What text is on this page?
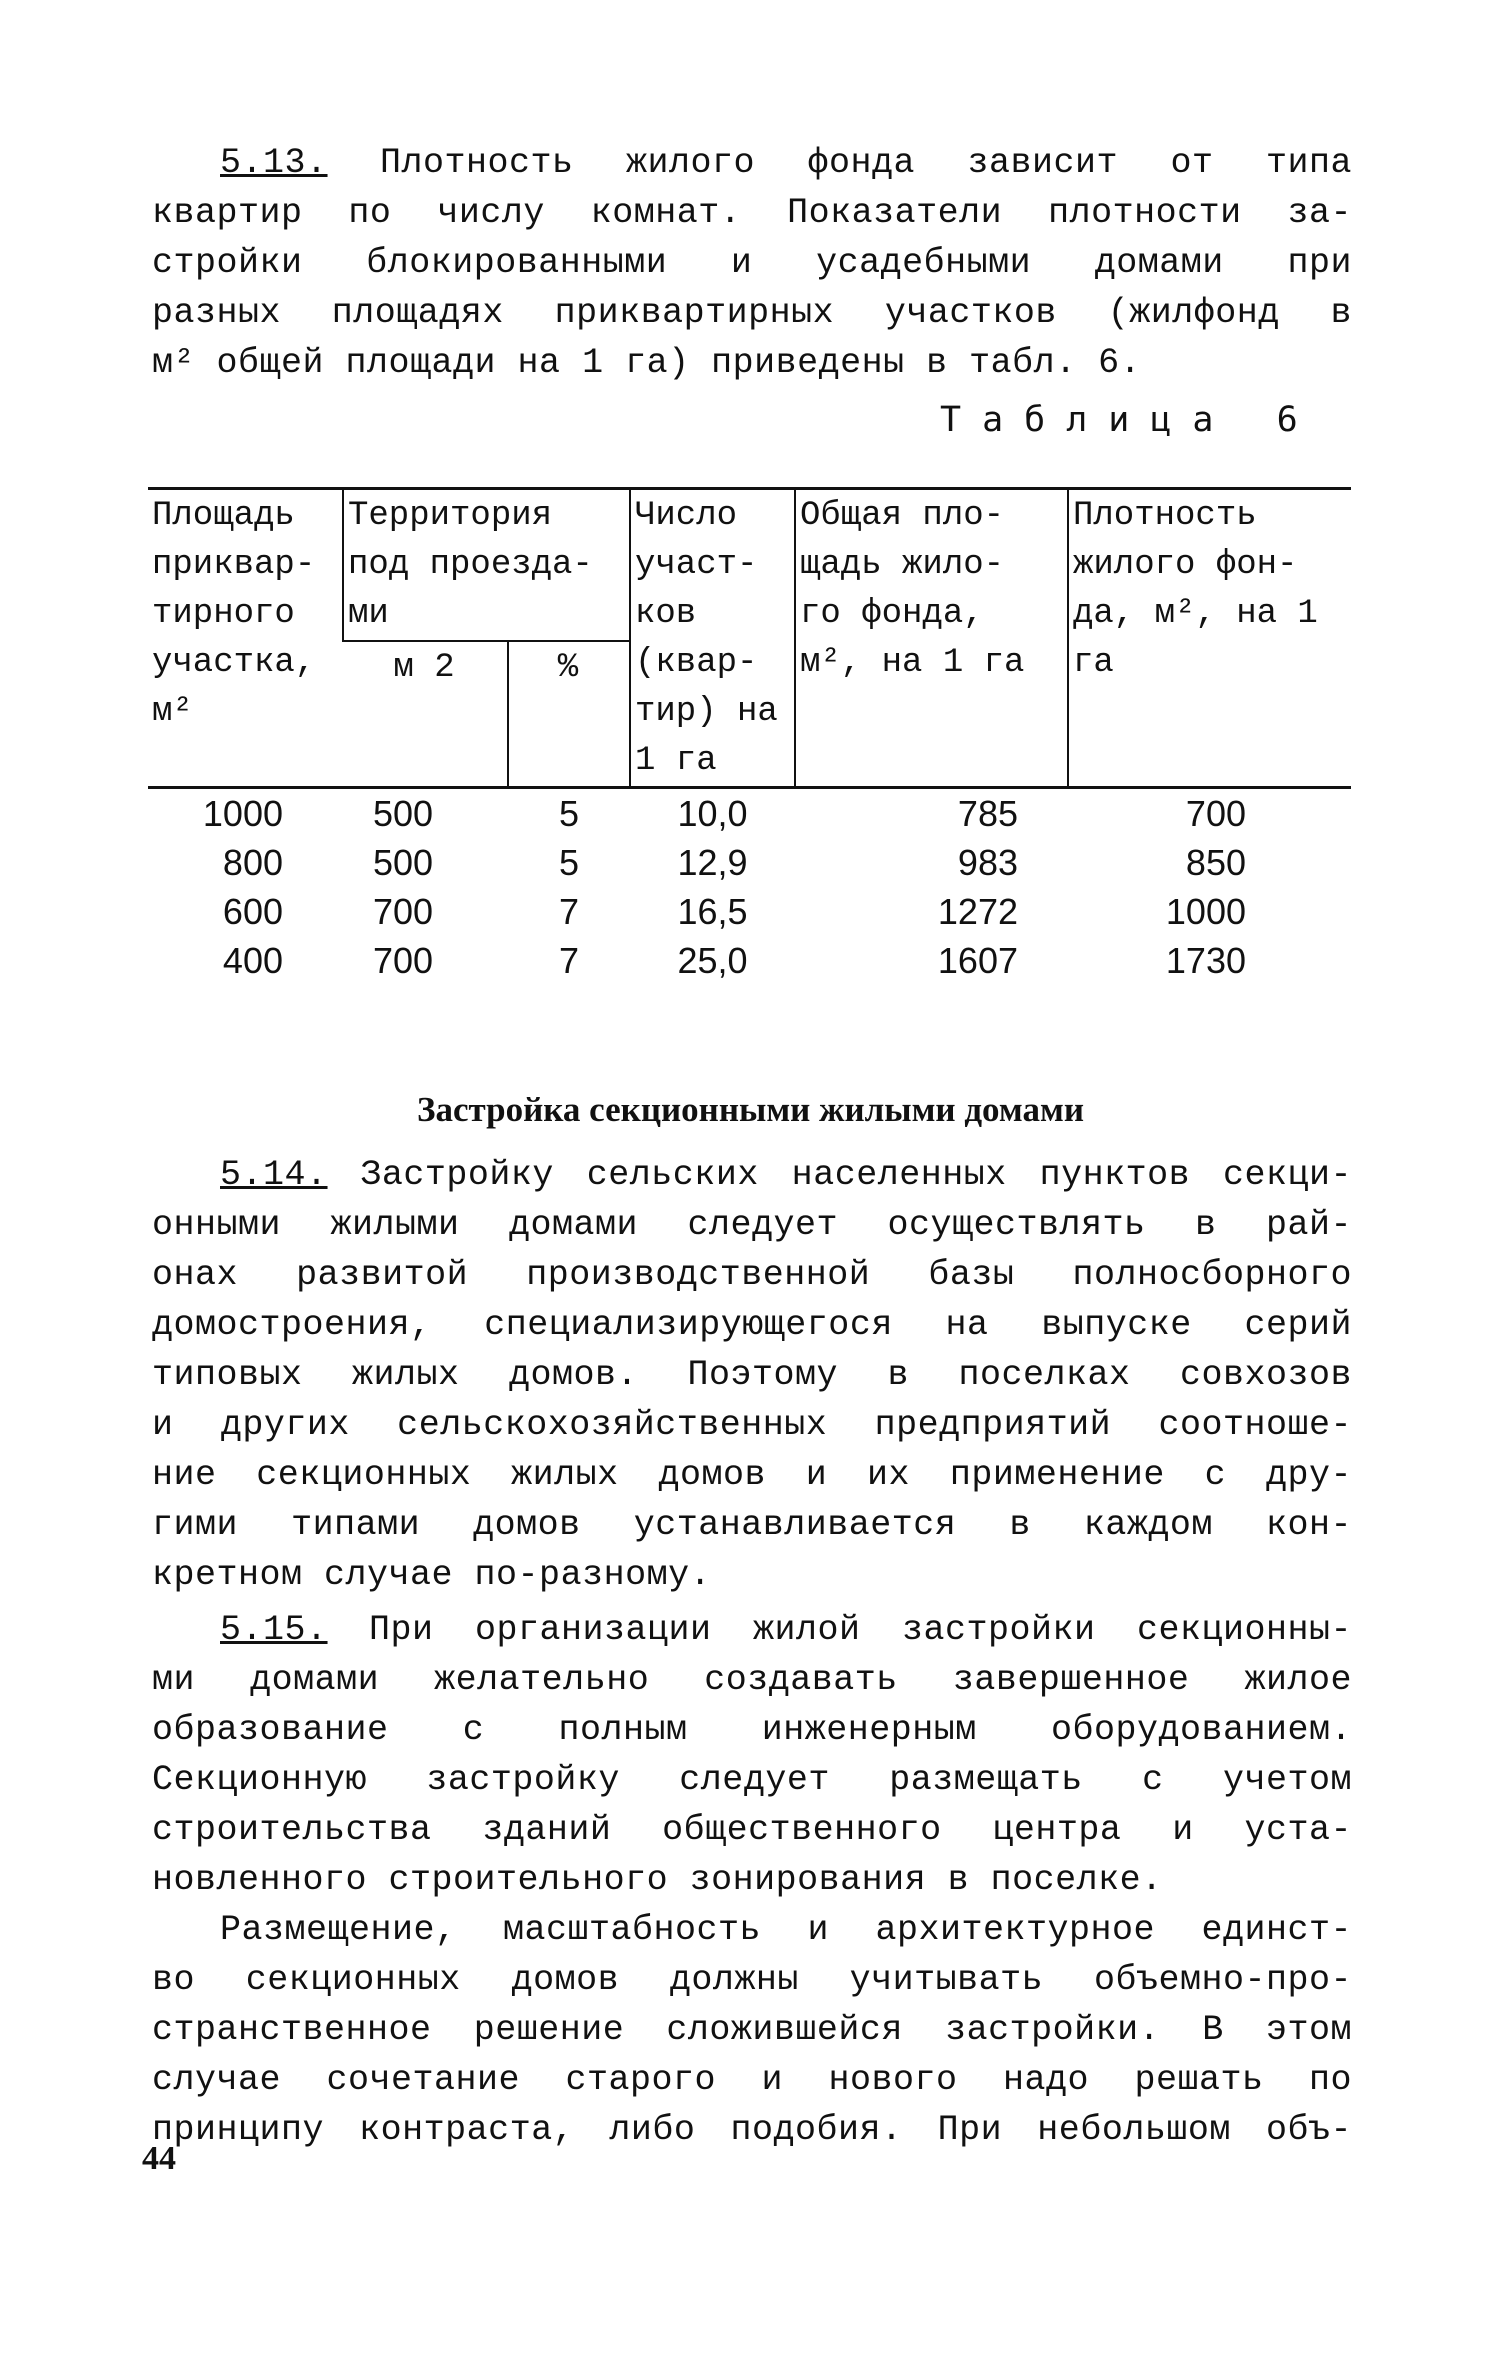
5.13. Плотность жилого фонда зависит от типа
квартир по числу комнат. Показатели плотности за-
стройки блокированными и усадебными домами при
разных площадях приквартирных участков (жилфонд в
м² общей площади на 1 га) приведены в табл. 6.
Таблица 6
Площадь приквар- тирного участка, м²	Территория под проезда- ми		Число участ- ков (квар- тир) на 1 га	Общая пло- щадь жило- го фонда, м², на 1 га	Плотность жилого фон- да, м², на 1 га
	м 2	%			
1000	500	5	10,0	785	700
800	500	5	12,9	983	850
600	700	7	16,5	1272	1000
400	700	7	25,0	1607	1730
Застройка секционными жилыми домами
5.14. Застройку сельских населенных пунктов секци-
онными жилыми домами следует осуществлять в рай-
онах развитой производственной базы полносборного
домостроения, специализирующегося на выпуске серий
типовых жилых домов. Поэтому в поселках совхозов
и других сельскохозяйственных предприятий соотноше-
ние секционных жилых домов и их применение с дру-
гими типами домов устанавливается в каждом кон-
кретном случае по-разному.
5.15. При организации жилой застройки секционны-
ми домами желательно создавать завершенное жилое
образование с полным инженерным оборудованием.
Секционную застройку следует размещать с учетом
строительства зданий общественного центра и уста-
новленного строительного зонирования в поселке.
Размещение, масштабность и архитектурное единст-
во секционных домов должны учитывать объемно-про-
странственное решение сложившейся застройки. В этом
случае сочетание старого и нового надо решать по
принципу контраста, либо подобия. При небольшом объ-
44
